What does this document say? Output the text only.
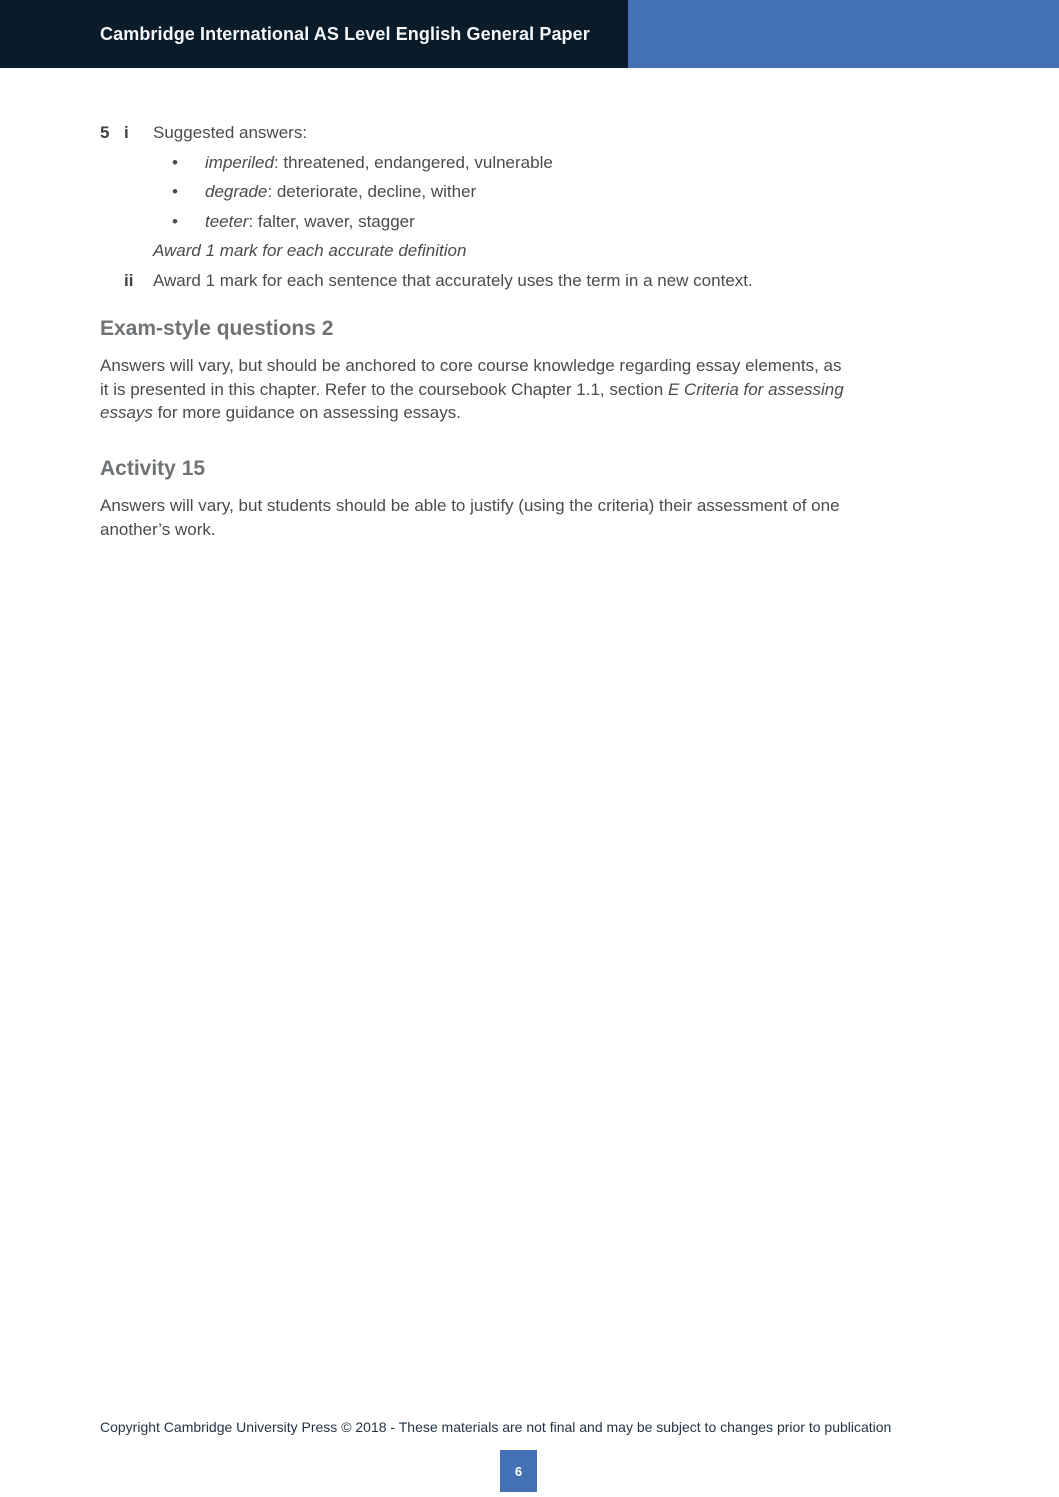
Cambridge International AS Level English General Paper
5 i	Suggested answers:
•
imperiled: threatened, endangered, vulnerable
•
degrade: deteriorate, decline, wither
•
teeter: falter, waver, stagger
Award 1 mark for each accurate definition
ii	Award 1 mark for each sentence that accurately uses the term in a new context.
Exam-style questions 2

Answers will vary, but should be anchored to core course knowledge regarding essay elements, as
it is presented in this chapter. Refer to the coursebook Chapter 1.1, section E Criteria for assessing
essays for more guidance on assessing essays.

Activity 15

Answers will vary, but students should be able to justify (using the criteria) their assessment of one
another’s work.

Copyright Cambridge University Press © 2018 - These materials are not final and may be subject to changes prior to publication
6
